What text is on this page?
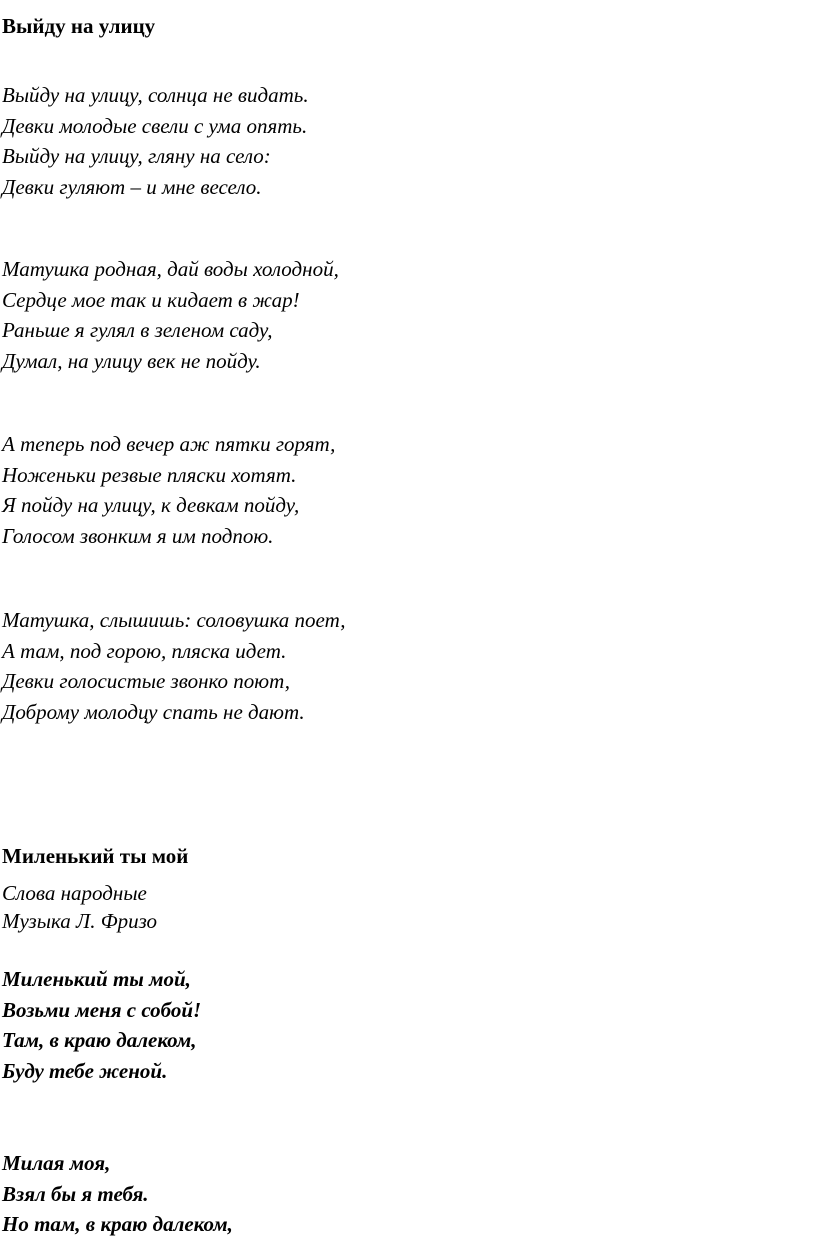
Выйду на улицу
Выйду на улицу, солнца не видать.
Девки молодые свели с ума опять.
Выйду на улицу, гляну на село:
Девки гуляют – и мне весело.
Матушка родная, дай воды холодной,
Сердце мое так и кидает в жар!
Раньше я гулял в зеленом саду,
Думал, на улицу век не пойду.
А теперь под вечер аж пятки горят,
Ноженьки резвые пляски хотят.
Я пойду на улицу, к девкам пойду,
Голосом звонким я им подпою.
Матушка, слышишь: соловушка поет,
А там, под горою, пляска идет.
Девки голосистые звонко поют,
Доброму молодцу спать не дают.
Миленький ты мой
Слова народные
Музыка Л. Фризо
Миленький ты мой,
Возьми меня с собой!
Там, в краю далеком,
Буду тебе женой.
Милая моя,
Взял бы я тебя.
Но там, в краю далеком,
